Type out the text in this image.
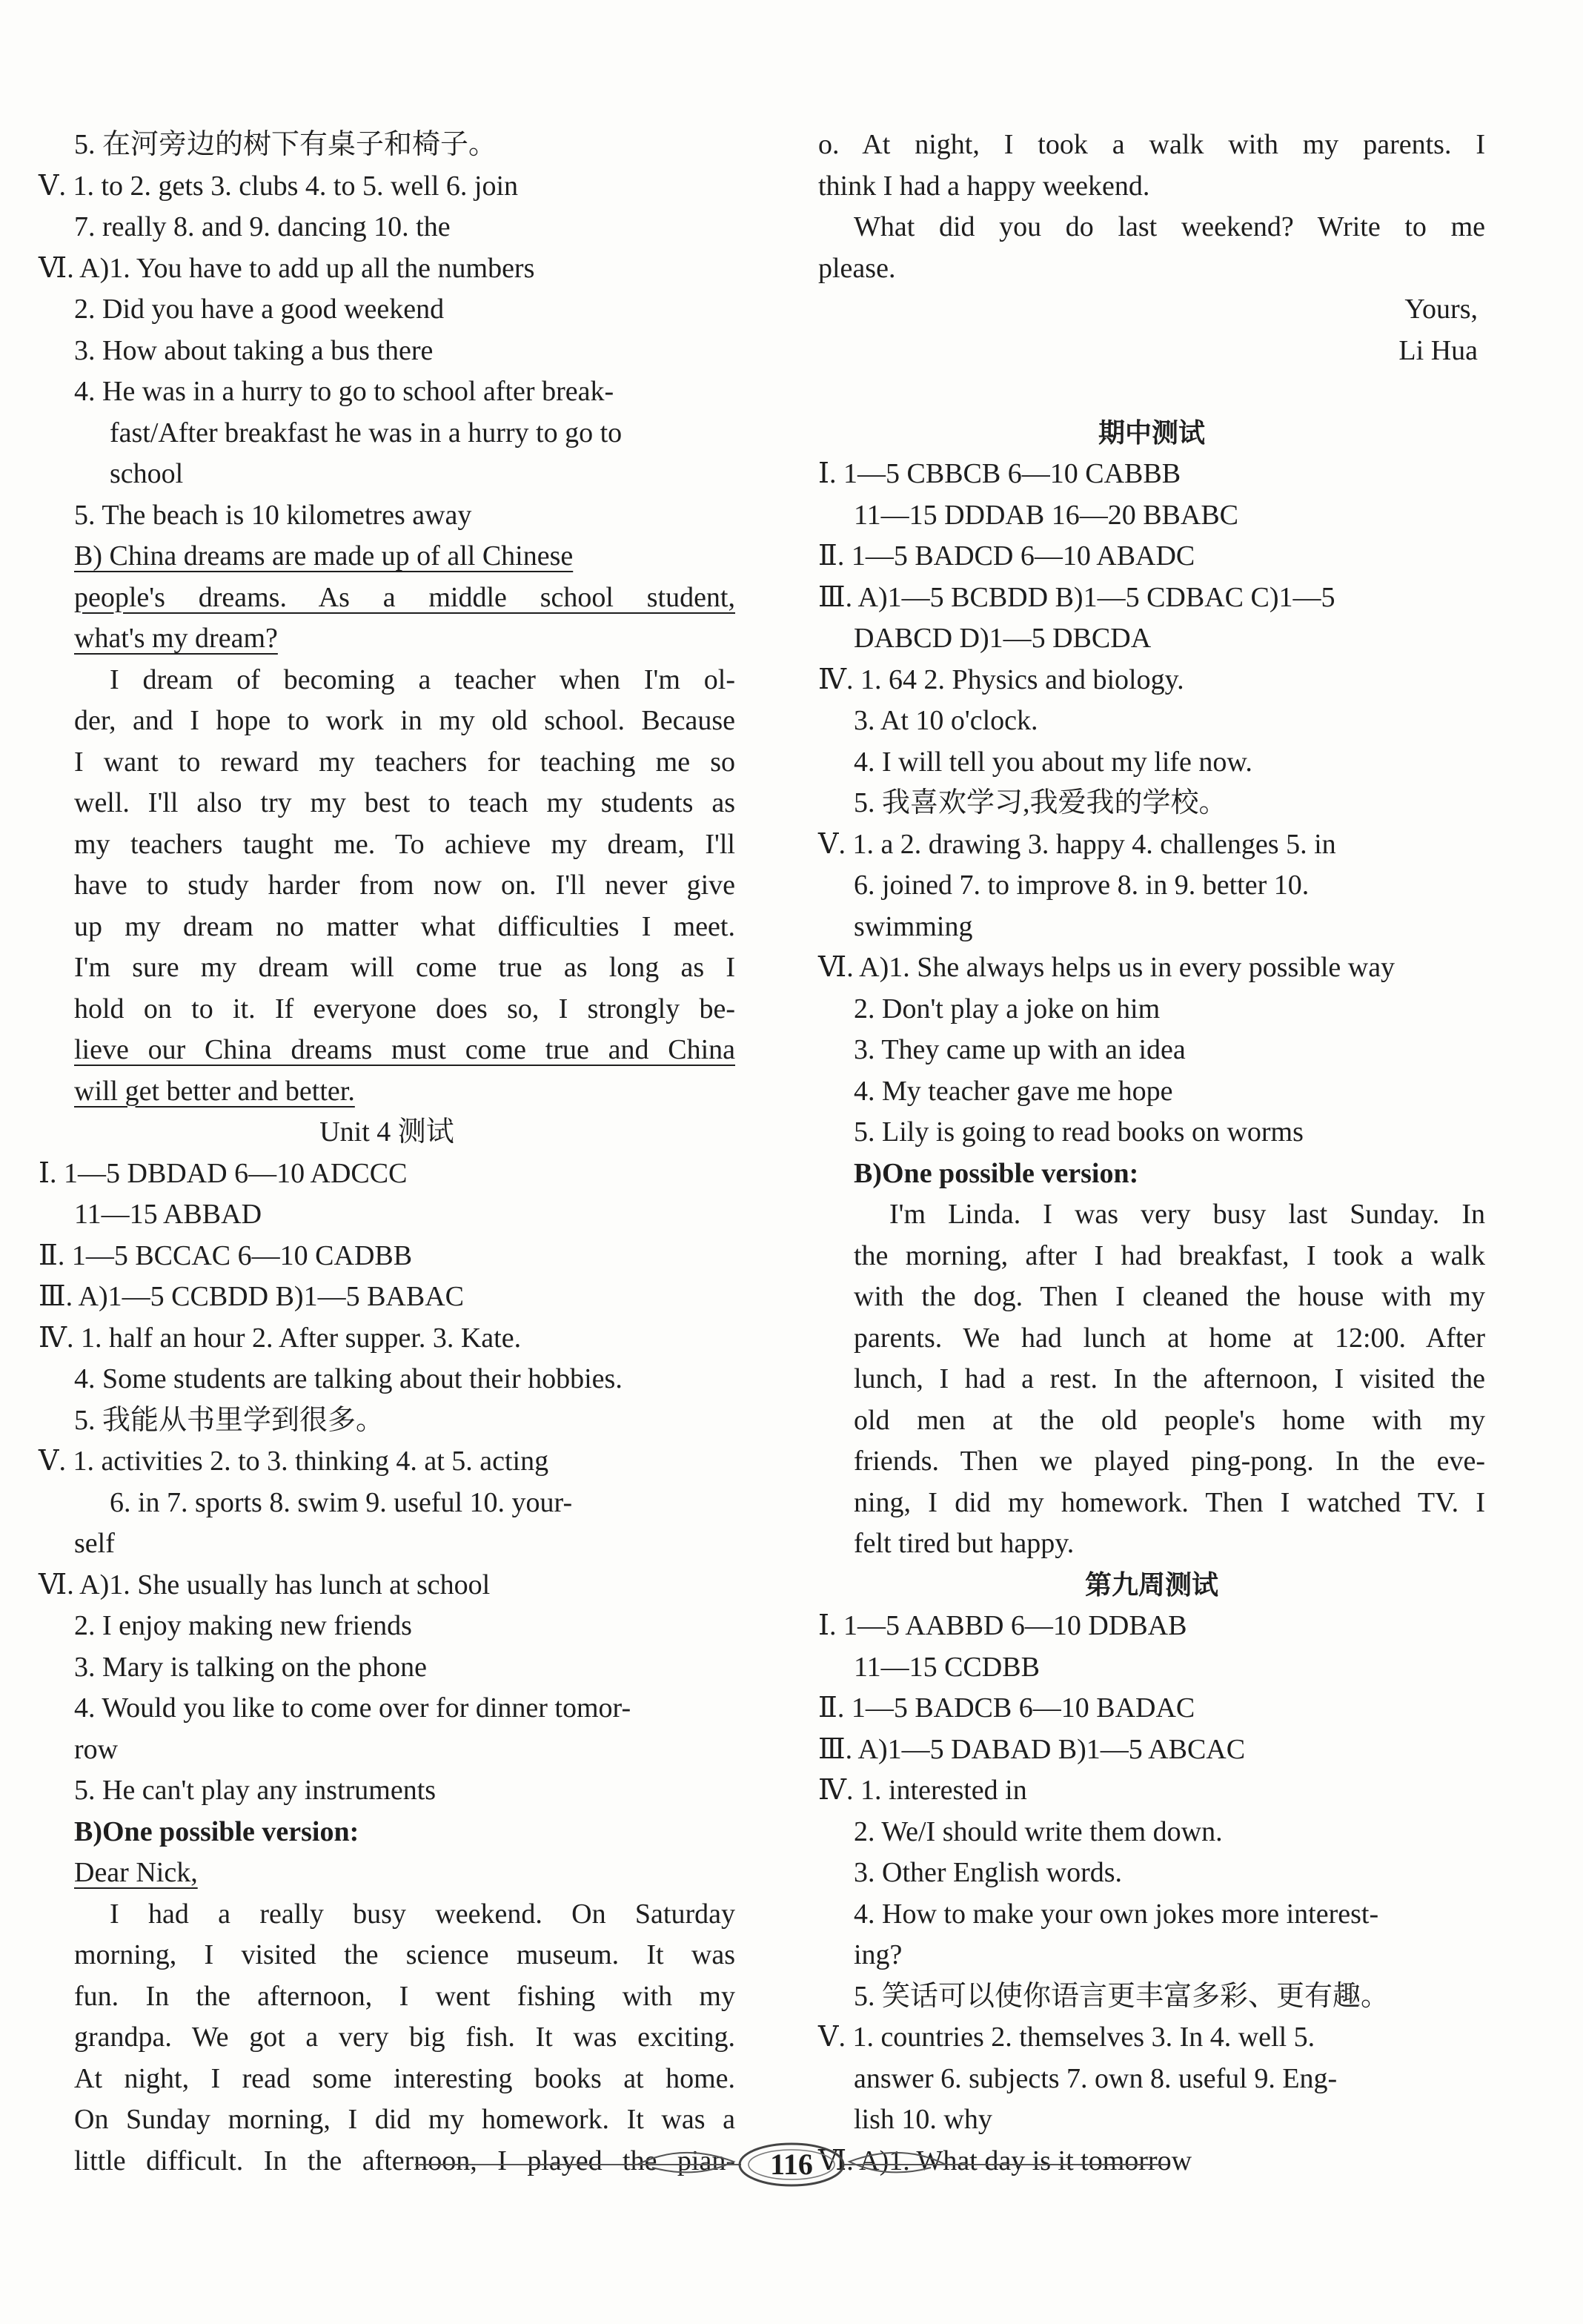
5. 在河旁边的树下有桌子和椅子。
Ⅴ. 1. to 2. gets 3. clubs 4. to 5. well 6. join
7. really 8. and 9. dancing 10. the
Ⅵ. A)1. You have to add up all the numbers
2. Did you have a good weekend
3. How about taking a bus there
4. He was in a hurry to go to school after break-
fast/After breakfast he was in a hurry to go to
school
5. The beach is 10 kilometres away
B) China dreams are made up of all Chinese
people's dreams. As a middle school student,
what's my dream?
I dream of becoming a teacher when I'm ol-
der, and I hope to work in my old school. Because
I want to reward my teachers for teaching me so
well. I'll also try my best to teach my students as
my teachers taught me. To achieve my dream, I'll
have to study harder from now on. I'll never give
up my dream no matter what difficulties I meet.
I'm sure my dream will come true as long as I
hold on to it. If everyone does so, I strongly be-
lieve our China dreams must come true and China
will get better and better.
Unit 4 测试
Ⅰ. 1—5 DBDAD 6—10 ADCCC
11—15 ABBAD
Ⅱ. 1—5 BCCAC 6—10 CADBB
Ⅲ. A)1—5 CCBDD B)1—5 BABAC
Ⅳ. 1. half an hour 2. After supper. 3. Kate.
4. Some students are talking about their hobbies.
5. 我能从书里学到很多。
Ⅴ. 1. activities 2. to 3. thinking 4. at 5. acting
6. in 7. sports 8. swim 9. useful 10. your-
self
Ⅵ. A)1. She usually has lunch at school
2. I enjoy making new friends
3. Mary is talking on the phone
4. Would you like to come over for dinner tomor-
row
5. He can't play any instruments
B)One possible version:
Dear Nick,
I had a really busy weekend. On Saturday
morning, I visited the science museum. It was
fun. In the afternoon, I went fishing with my
grandpa. We got a very big fish. It was exciting.
At night, I read some interesting books at home.
On Sunday morning, I did my homework. It was a
little difficult. In the afternoon, I played the pian-
o. At night, I took a walk with my parents. I
think I had a happy weekend.
What did you do last weekend? Write to me
please.
Yours,
Li Hua
期中测试
Ⅰ. 1—5 CBBCB 6—10 CABBB
11—15 DDDAB 16—20 BBABC
Ⅱ. 1—5 BADCD 6—10 ABADC
Ⅲ. A)1—5 BCBDD B)1—5 CDBAC C)1—5
DABCD D)1—5 DBCDA
Ⅳ. 1. 64 2. Physics and biology.
3. At 10 o'clock.
4. I will tell you about my life now.
5. 我喜欢学习,我爱我的学校。
Ⅴ. 1. a 2. drawing 3. happy 4. challenges 5. in
6. joined 7. to improve 8. in 9. better 10.
swimming
Ⅵ. A)1. She always helps us in every possible way
2. Don't play a joke on him
3. They came up with an idea
4. My teacher gave me hope
5. Lily is going to read books on worms
B)One possible version:
I'm Linda. I was very busy last Sunday. In
the morning, after I had breakfast, I took a walk
with the dog. Then I cleaned the house with my
parents. We had lunch at home at 12:00. After
lunch, I had a rest. In the afternoon, I visited the
old men at the old people's home with my
friends. Then we played ping-pong. In the eve-
ning, I did my homework. Then I watched TV. I
felt tired but happy.
第九周测试
Ⅰ. 1—5 AABBD 6—10 DDBAB
11—15 CCDBB
Ⅱ. 1—5 BADCB 6—10 BADAC
Ⅲ. A)1—5 DABAD B)1—5 ABCAC
Ⅳ. 1. interested in
2. We/I should write them down.
3. Other English words.
4. How to make your own jokes more interest-
ing?
5. 笑话可以使你语言更丰富多彩、更有趣。
Ⅴ. 1. countries 2. themselves 3. In 4. well 5.
answer 6. subjects 7. own 8. useful 9. Eng-
lish 10. why
Ⅵ. A)1. What day is it tomorrow
116
